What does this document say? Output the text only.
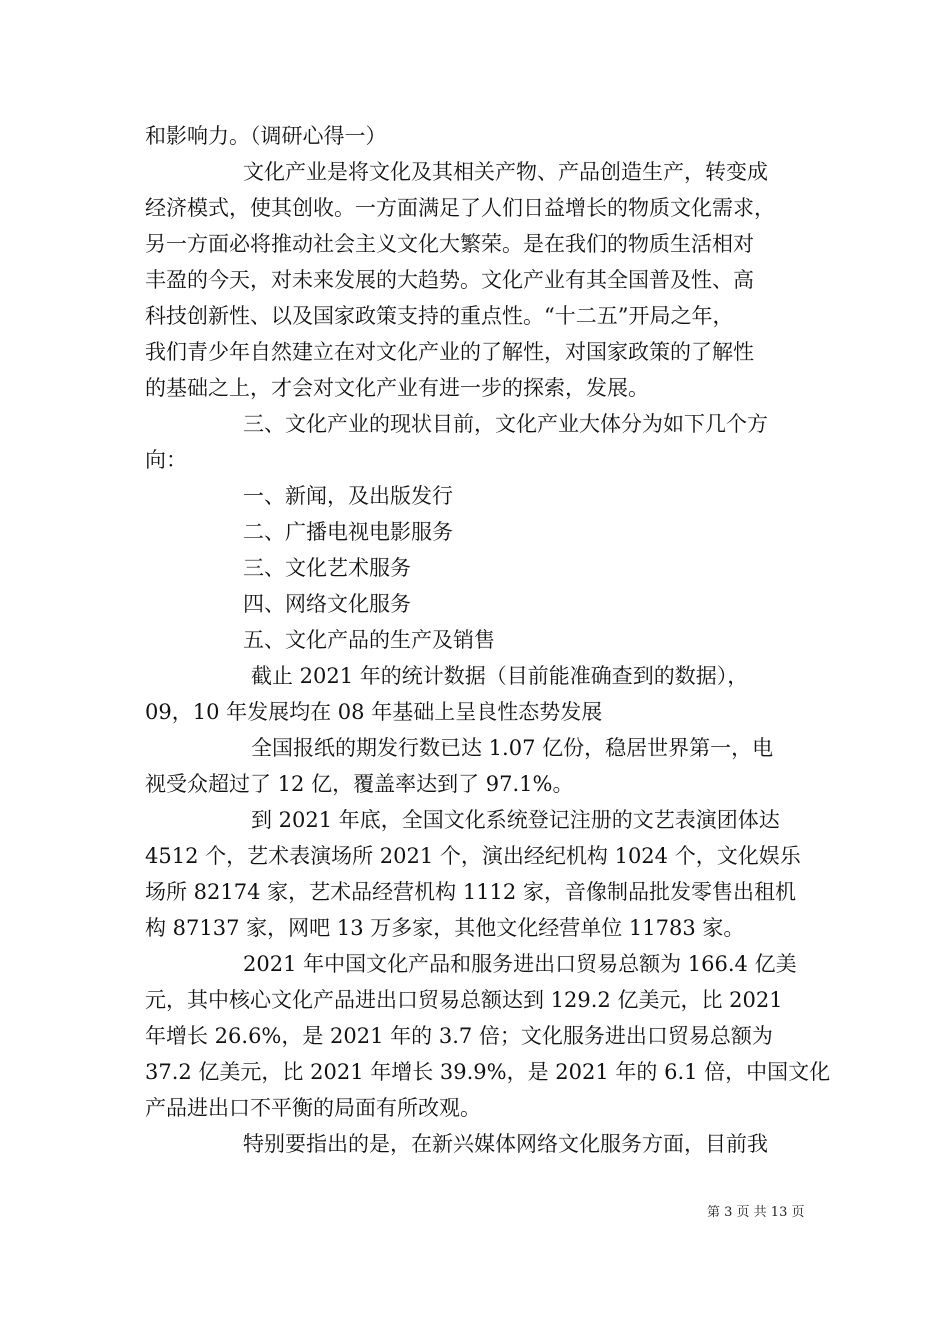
和影响力。（调研心得一）
文化产业是将文化及其相关产物、产品创造生产，转变成
经济模式，使其创收。一方面满足了人们日益增长的物质文化需求，
另一方面必将推动社会主义文化大繁荣。是在我们的物质生活相对
丰盈的今天，对未来发展的大趋势。文化产业有其全国普及性、高
科技创新性、以及国家政策支持的重点性。“十二五”开局之年，
我们青少年自然建立在对文化产业的了解性，对国家政策的了解性
的基础之上，才会对文化产业有进一步的探索，发展。
三、文化产业的现状目前，文化产业大体分为如下几个方
向：
一、新闻，及出版发行
二、广播电视电影服务
三、文化艺术服务
四、网络文化服务
五、文化产品的生产及销售
截止 2021 年的统计数据（目前能准确查到的数据），
09，10 年发展均在 08 年基础上呈良性态势发展
全国报纸的期发行数已达 1.07 亿份，稳居世界第一，电
视受众超过了 12 亿，覆盖率达到了 97.1%。
到 2021 年底，全国文化系统登记注册的文艺表演团体达
4512 个，艺术表演场所 2021 个，演出经纪机构 1024 个，文化娱乐
场所 82174 家，艺术品经营机构 1112 家，音像制品批发零售出租机
构 87137 家，网吧 13 万多家，其他文化经营单位 11783 家。
2021 年中国文化产品和服务进出口贸易总额为 166.4 亿美
元，其中核心文化产品进出口贸易总额达到 129.2 亿美元，比 2021
年增长 26.6%，是 2021 年的 3.7 倍；文化服务进出口贸易总额为
37.2 亿美元，比 2021 年增长 39.9%，是 2021 年的 6.1 倍，中国文化
产品进出口不平衡的局面有所改观。
特别要指出的是，在新兴媒体网络文化服务方面，目前我
第 3 页 共 13 页
